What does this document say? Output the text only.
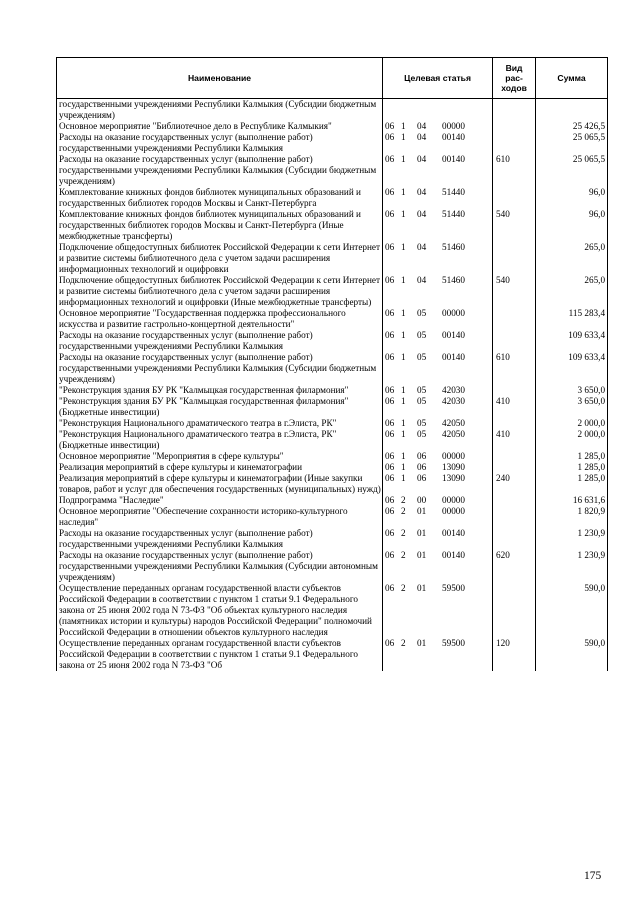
Наименование	Целевая статья				Вид рас-ходов	Сумма
государственными учреждениями Республики Калмыкия (Субсидии бюджетным учреждениям)						
Основное мероприятие "Библиотечное дело в Республике Калмыкия"	06	1	04	00000		25 426,5
Расходы на оказание государственных услуг (выполнение работ) государственными учреждениями Республики Калмыкия	06	1	04	00140		25 065,5
Расходы на оказание государственных услуг (выполнение работ) государственными учреждениями Республики Калмыкия (Субсидии бюджетным учреждениям)	06	1	04	00140	610	25 065,5
Комплектование книжных фондов библиотек муниципальных образований и государственных библиотек городов Москвы и Санкт-Петербурга	06	1	04	51440		96,0
Комплектование книжных фондов библиотек муниципальных образований и государственных библиотек городов Москвы и Санкт-Петербурга (Иные межбюджетные трансферты)	06	1	04	51440	540	96,0
Подключение общедоступных библиотек Российской Федерации к сети Интернет и развитие системы библиотечного дела с учетом задачи расширения информационных технологий и оцифровки	06	1	04	51460		265,0
Подключение общедоступных библиотек Российской Федерации к сети Интернет и развитие системы библиотечного дела с учетом задачи расширения информационных технологий и оцифровки (Иные межбюджетные трансферты)	06	1	04	51460	540	265,0
Основное мероприятие "Государственная поддержка профессионального искусства и развитие гастрольно-концертной деятельности"	06	1	05	00000		115 283,4
Расходы на оказание государственных услуг (выполнение работ) государственными учреждениями Республики Калмыкия	06	1	05	00140		109 633,4
Расходы на оказание государственных услуг (выполнение работ) государственными учреждениями Республики Калмыкия (Субсидии бюджетным учреждениям)	06	1	05	00140	610	109 633,4
"Реконструкция здания БУ РК "Калмыцкая государственная филармония"	06	1	05	42030		3 650,0
"Реконструкция здания БУ РК "Калмыцкая государственная филармония" (Бюджетные инвестиции)	06	1	05	42030	410	3 650,0
"Реконструкция Национального драматического театра в г.Элиста, РК"	06	1	05	42050		2 000,0
"Реконструкция Национального драматического театра в г.Элиста, РК" (Бюджетные инвестиции)	06	1	05	42050	410	2 000,0
Основное мероприятие "Мероприятия в сфере культуры"	06	1	06	00000		1 285,0
Реализация мероприятий в сфере культуры и кинематографии	06	1	06	13090		1 285,0
Реализация мероприятий в сфере культуры и кинематографии (Иные закупки товаров, работ и услуг для обеспечения государственных (муниципальных) нужд)	06	1	06	13090	240	1 285,0
Подпрограмма "Наследие"	06	2	00	00000		16 631,6
Основное мероприятие "Обеспечение сохранности историко-культурного наследия"	06	2	01	00000		1 820,9
Расходы на оказание государственных услуг (выполнение работ) государственными учреждениями Республики Калмыкия	06	2	01	00140		1 230,9
Расходы на оказание государственных услуг (выполнение работ) государственными учреждениями Республики Калмыкия (Субсидии автономным учреждениям)	06	2	01	00140	620	1 230,9
Осуществление переданных органам государственной власти субъектов Российской Федерации в соответствии с пунктом 1 статьи 9.1 Федерального закона от 25 июня 2002 года N 73-ФЗ "Об объектах культурного наследия (памятниках истории и культуры) народов Российской Федерации" полномочий Российской Федерации в отношении объектов культурного наследия	06	2	01	59500		590,0
Осуществление переданных органам государственной власти субъектов Российской Федерации в соответствии с пунктом 1 статьи 9.1 Федерального закона от 25 июня 2002 года N 73-ФЗ "Об	06	2	01	59500	120	590,0
175
